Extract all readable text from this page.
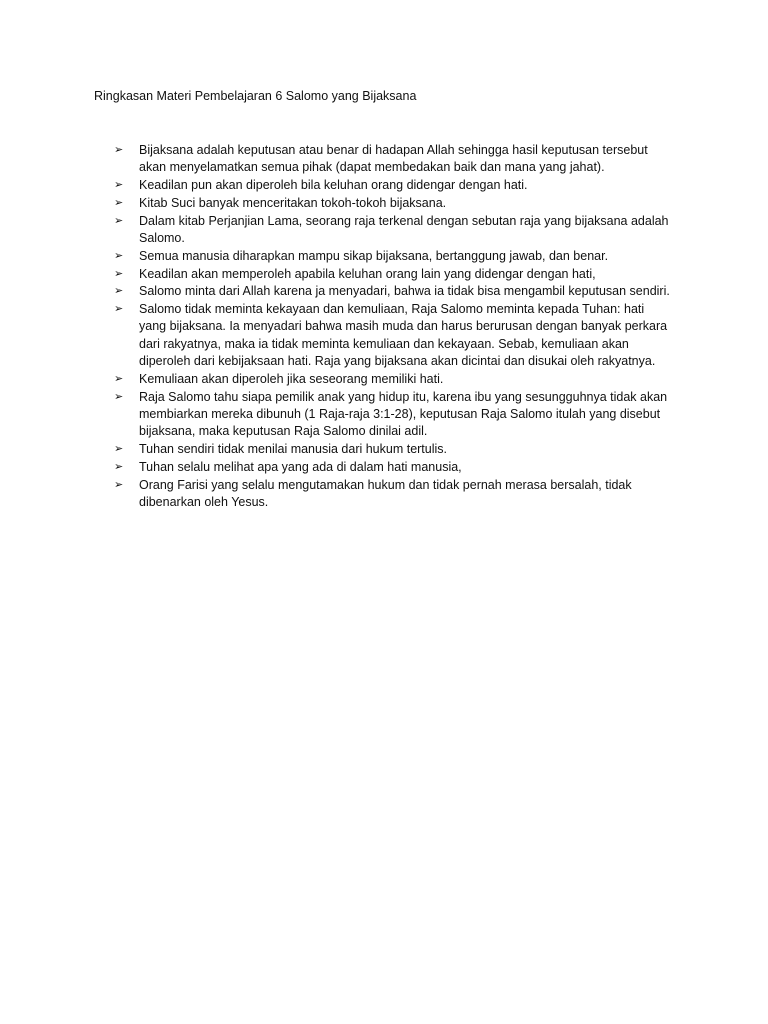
Ringkasan Materi Pembelajaran 6 Salomo yang Bijaksana
➢ Bijaksana adalah keputusan atau benar di hadapan Allah sehingga hasil keputusan tersebut akan menyelamatkan semua pihak (dapat membedakan baik dan mana yang jahat).
➢ Keadilan pun akan diperoleh bila keluhan orang didengar dengan hati.
➢ Kitab Suci banyak menceritakan tokoh-tokoh bijaksana.
➢ Dalam kitab Perjanjian Lama, seorang raja terkenal dengan sebutan raja yang bijaksana adalah Salomo.
➢ Semua manusia diharapkan mampu sikap bijaksana, bertanggung jawab, dan benar.
➢ Keadilan akan memperoleh apabila keluhan orang lain yang didengar dengan hati,
➢ Salomo minta dari Allah karena ja menyadari, bahwa ia tidak bisa mengambil keputusan sendiri.
➢ Salomo tidak meminta kekayaan dan kemuliaan, Raja Salomo meminta kepada Tuhan: hati yang bijaksana. Ia menyadari bahwa masih muda dan harus berurusan dengan banyak perkara dari rakyatnya, maka ia tidak meminta kemuliaan dan kekayaan. Sebab, kemuliaan akan diperoleh dari kebijaksaan hati. Raja yang bijaksana akan dicintai dan disukai oleh rakyatnya.
➢ Kemuliaan akan diperoleh jika seseorang memiliki hati.
➢ Raja Salomo tahu siapa pemilik anak yang hidup itu, karena ibu yang sesungguhnya tidak akan membiarkan mereka dibunuh (1 Raja-raja 3:1-28), keputusan Raja Salomo itulah yang disebut bijaksana, maka keputusan Raja Salomo dinilai adil.
➢ Tuhan sendiri tidak menilai manusia dari hukum tertulis.
➢ Tuhan selalu melihat apa yang ada di dalam hati manusia,
➢ Orang Farisi yang selalu mengutamakan hukum dan tidak pernah merasa bersalah, tidak dibenarkan oleh Yesus.
